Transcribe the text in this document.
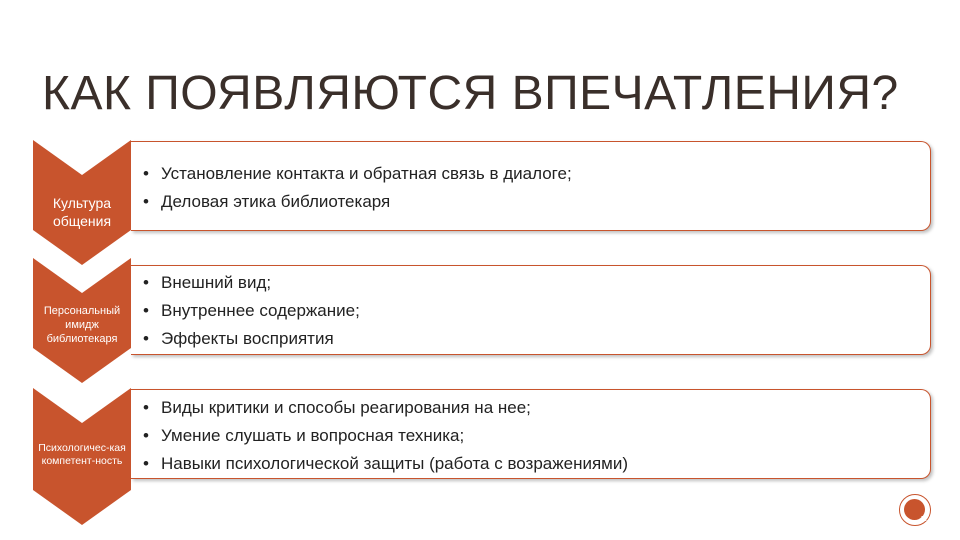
КАК ПОЯВЛЯЮТСЯ ВПЕЧАТЛЕНИЯ?
• Установление контакта и обратная связь в диалоге;
• Деловая этика библиотекаря
Культура общения
• Внешний вид;
• Внутреннее содержание;
• Эффекты восприятия
Персональный имидж библиотекаря
• Виды критики и способы реагирования на нее;
• Умение слушать и вопросная техника;
• Навыки психологической защиты (работа с возражениями)
Психологичес-кая компетент-ность
12
